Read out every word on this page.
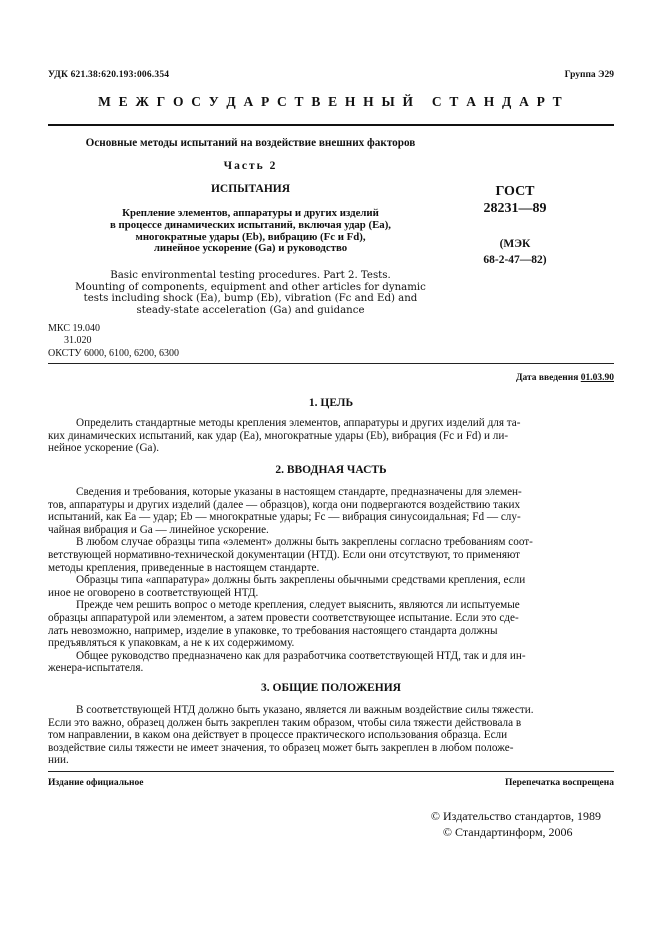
УДК 621.38:620.193:006.354	Группа Э29
М Е Ж Г О С У Д А Р С Т В Е Н Н Ы Й   С Т А Н Д А Р Т
Основные методы испытаний на воздействие внешних факторов
Часть 2
ИСПЫТАНИЯ
Крепление элементов, аппаратуры и других изделий
в процессе динамических испытаний, включая удар (Ea),
многократные удары (Eb), вибрацию (Fc и Fd),
линейное ускорение (Ga) и руководство
Basic environmental testing procedures. Part 2. Tests.
Mounting of components, equipment and other articles for dynamic
tests including shock (Ea), bump (Eb), vibration (Fc and Ed) and
steady-state acceleration (Ga) and guidance
ГОСТ
28231—89
(МЭК
68-2-47—82)
МКС 19.040
31.020
ОКСТУ 6000, 6100, 6200, 6300
Дата введения 01.03.90
1. ЦЕЛЬ
Определить стандартные методы крепления элементов, аппаратуры и других изделий для та-
ких динамических испытаний, как удар (Ea), многократные удары (Eb), вибрация (Fc и Fd) и ли-
нейное ускорение (Ga).
2. ВВОДНАЯ ЧАСТЬ
Сведения и требования, которые указаны в настоящем стандарте, предназначены для элемен-
тов, аппаратуры и других изделий (далее — образцов), когда они подвергаются воздействию таких
испытаний, как Ea — удар; Eb — многократные удары; Fc — вибрация синусоидальная; Fd — слу-
чайная вибрация и Ga — линейное ускорение.
В любом случае образцы типа «элемент» должны быть закреплены согласно требованиям соот-
ветствующей нормативно-технической документации (НТД). Если они отсутствуют, то применяют
методы крепления, приведенные в настоящем стандарте.
Образцы типа «аппаратура» должны быть закреплены обычными средствами крепления, если
иное не оговорено в соответствующей НТД.
Прежде чем решить вопрос о методе крепления, следует выяснить, являются ли испытуемые
образцы аппаратурой или элементом, а затем провести соответствующее испытание. Если это сде-
лать невозможно, например, изделие в упаковке, то требования настоящего стандарта должны
предъявляться к упаковкам, а не к их содержимому.
Общее руководство предназначено как для разработчика соответствующей НТД, так и для ин-
женера-испытателя.
3. ОБЩИЕ ПОЛОЖЕНИЯ
В соответствующей НТД должно быть указано, является ли важным воздействие силы тяжести.
Если это важно, образец должен быть закреплен таким образом, чтобы сила тяжести действовала в
том направлении, в каком она действует в процессе практического использования образца. Если
воздействие силы тяжести не имеет значения, то образец может быть закреплен в любом положе-
нии.
Издание официальное	Перепечатка воспрещена
© Издательство стандартов, 1989
© Стандартинформ, 2006
